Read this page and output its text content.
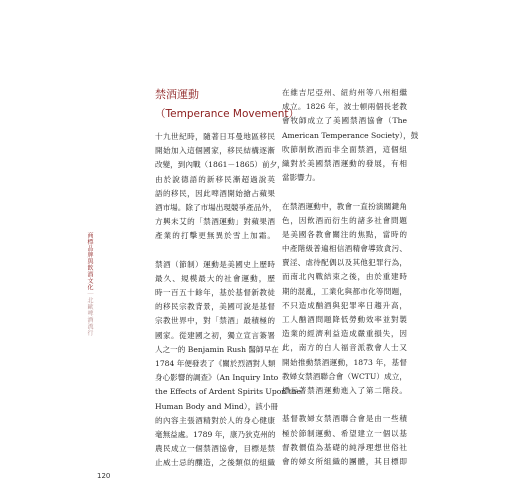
商標品牌與飲酒文化｜北歐啤酒流行
禁酒運動
（Temperance Movement）
十九世紀時，隨著日耳曼地區移民
開始加入這個國家，移民結構逐漸
改變，到內戰（1861－1865）前夕，
由於說德語的新移民漸超過說英
語的移民，因此啤酒開始搶占蘋果
酒市場。除了市場出現競爭產品外，
方興未艾的「禁酒運動」對蘋果酒
產業的打擊更無異於雪上加霜。
禁酒（節制）運動是美國史上歷時
最久、規模最大的社會運動，歷
時一百五十餘年，基於基督新教徒
的移民宗教背景，美國可說是基督
宗教世界中，對「禁酒」最積極的
國家。從建國之初，獨立宣言簽署
人之一的 Benjamin Rush 醫師早在
1784 年便發表了《關於烈酒對人類
身心影響的調查》（An Inquiry Into
the Effects of Ardent Spirits Upon the
Human Body and Mind），該小冊
的內容主張酒精對於人的身心健康
毫無益處。1789 年，康乃狄克州的
農民成立一個禁酒協會，目標是禁
止威士忌的釀造，之後類似的組織
在維吉尼亞州、紐約州等八州相繼
成立。1826 年，波士頓兩個長老教
會牧師成立了美國禁酒協會（The
American Temperance Society），鼓
吹節制飲酒而非全面禁酒，這個組
織對於美國禁酒運動的發展，有相
當影響力。
在禁酒運動中，教會一直扮演關鍵角
色，因飲酒而衍生的諸多社會問題
是美國各教會關注的焦點，當時的
中產階級普遍相信酒精會導致貪污、
賣淫、虐待配偶以及其他犯罪行為，
而南北內戰結束之後，由於重建時
期的混亂，工業化與都市化等問題，
不只造成酗酒與犯罪率日趨升高，
工人酗酒問題降低勞動效率並對製
造業的經濟利益造成嚴重損失，因
此，南方的白人福音派教會人士又
開始推動禁酒運動，1873 年，基督
教婦女禁酒聯合會（WCTU）成立，
標示著禁酒運動進入了第二階段。
基督教婦女禁酒聯合會是由一些積
極於節制運動、希望建立一個以基
督教價值為基礎的純淨理想世俗社
會的婦女所組織的團體，其目標即
120
